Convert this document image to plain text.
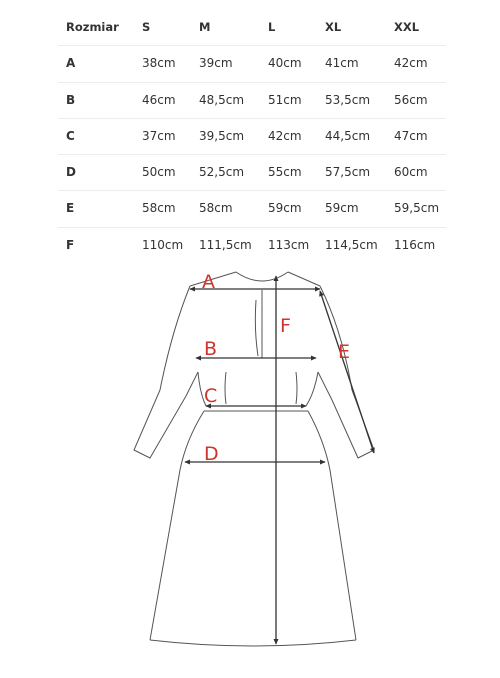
Rozmiar S	M	L	XL	XXL
A	38cm 39cm	40cm 41cm	42cm
B	46cm 48,5cm 51cm 53,5cm 56cm
C	37cm 39,5cm 42cm 44,5cm 47cm
D	50cm 52,5cm 55cm 57,5cm 60cm
E	58cm 58cm	59cm 59cm	59,5cm
F	110cm 111,5cm 113cm 114,5cm 116cm
A
B
C
D
E
F
